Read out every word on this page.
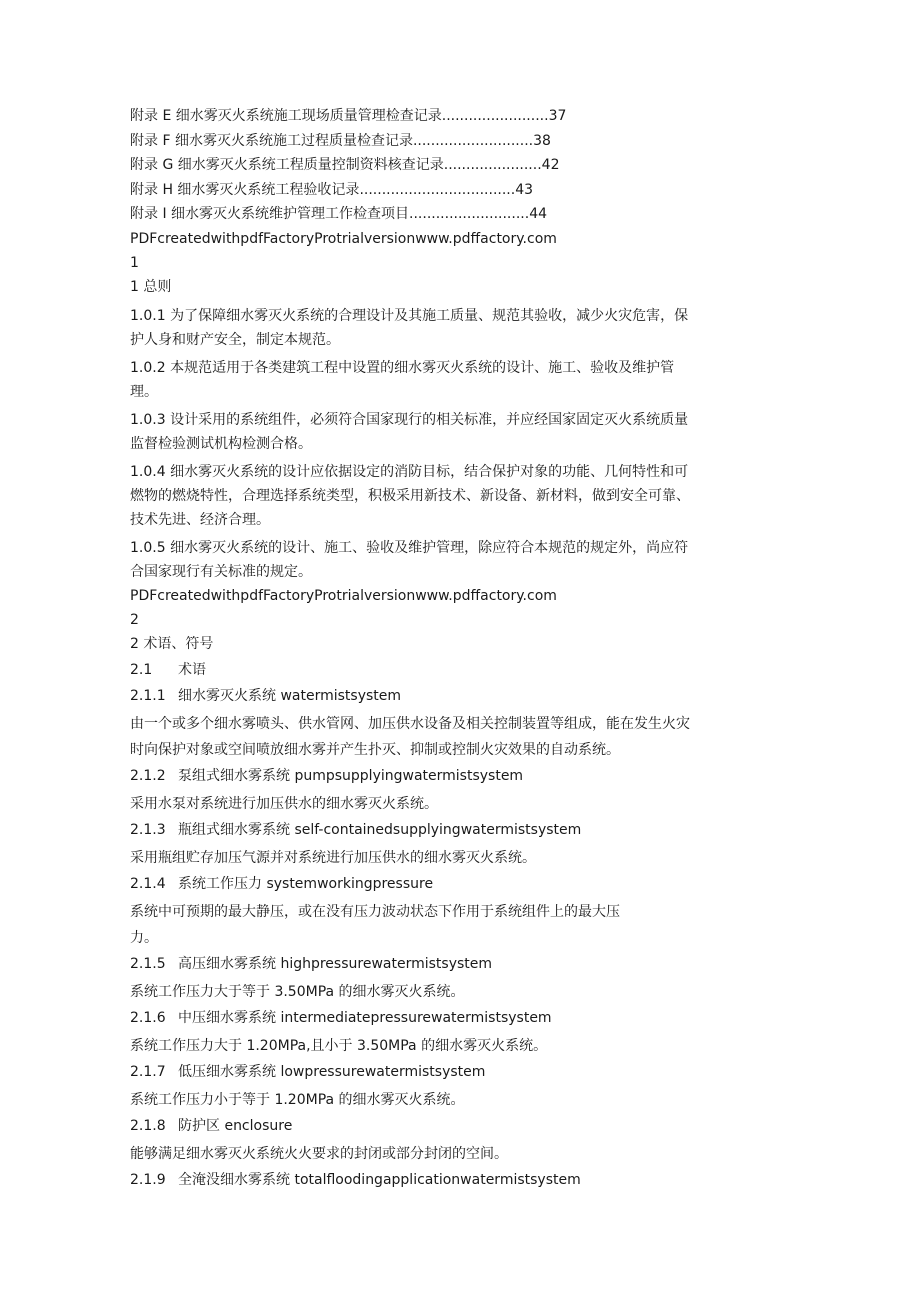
附录 E 细水雾灭火系统施工现场质量管理检查记录........................37
附录 F 细水雾灭火系统施工过程质量检查记录...........................38
附录 G 细水雾灭火系统工程质量控制资料核查记录......................42
附录 H 细水雾灭火系统工程验收记录...................................43
附录 I 细水雾灭火系统维护管理工作检查项目...........................44
PDFcreatedwithpdfFactoryProtrialversionwww.pdffactory.com
1
1 总则
1.0.1 为了保障细水雾灭火系统的合理设计及其施工质量、规范其验收，减少火灾危害，保
护人身和财产安全，制定本规范。
1.0.2 本规范适用于各类建筑工程中设置的细水雾灭火系统的设计、施工、验收及维护管
理。
1.0.3 设计采用的系统组件，必须符合国家现行的相关标准，并应经国家固定灭火系统质量
监督检验测试机构检测合格。
1.0.4 细水雾灭火系统的设计应依据设定的消防目标，结合保护对象的功能、几何特性和可
燃物的燃烧特性，合理选择系统类型，积极采用新技术、新设备、新材料，做到安全可靠、
技术先进、经济合理。
1.0.5 细水雾灭火系统的设计、施工、验收及维护管理，除应符合本规范的规定外，尚应符
合国家现行有关标准的规定。
PDFcreatedwithpdfFactoryProtrialversionwww.pdffactory.com
2
2 术语、符号
2.1 术语
2.1.1 细水雾灭火系统 watermistsystem
由一个或多个细水雾喷头、供水管网、加压供水设备及相关控制装置等组成，能在发生火灾
时向保护对象或空间喷放细水雾并产生扑灭、抑制或控制火灾效果的自动系统。
2.1.2 泵组式细水雾系统 pumpsupplyingwatermistsystem
采用水泵对系统进行加压供水的细水雾灭火系统。
2.1.3 瓶组式细水雾系统 self-containedsupplyingwatermistsystem
采用瓶组贮存加压气源并对系统进行加压供水的细水雾灭火系统。
2.1.4 系统工作压力 systemworkingpressure
系统中可预期的最大静压，或在没有压力波动状态下作用于系统组件上的最大压
力。
2.1.5 高压细水雾系统 highpressurewatermistsystem
系统工作压力大于等于 3.50MPa 的细水雾灭火系统。
2.1.6 中压细水雾系统 intermediatepressurewatermistsystem
系统工作压力大于 1.20MPa,且小于 3.50MPa 的细水雾灭火系统。
2.1.7 低压细水雾系统 lowpressurewatermistsystem
系统工作压力小于等于 1.20MPa 的细水雾灭火系统。
2.1.8 防护区 enclosure
能够满足细水雾灭火系统火火要求的封闭或部分封闭的空间。
2.1.9 全淹没细水雾系统 totalfloodingapplicationwatermistsystem
